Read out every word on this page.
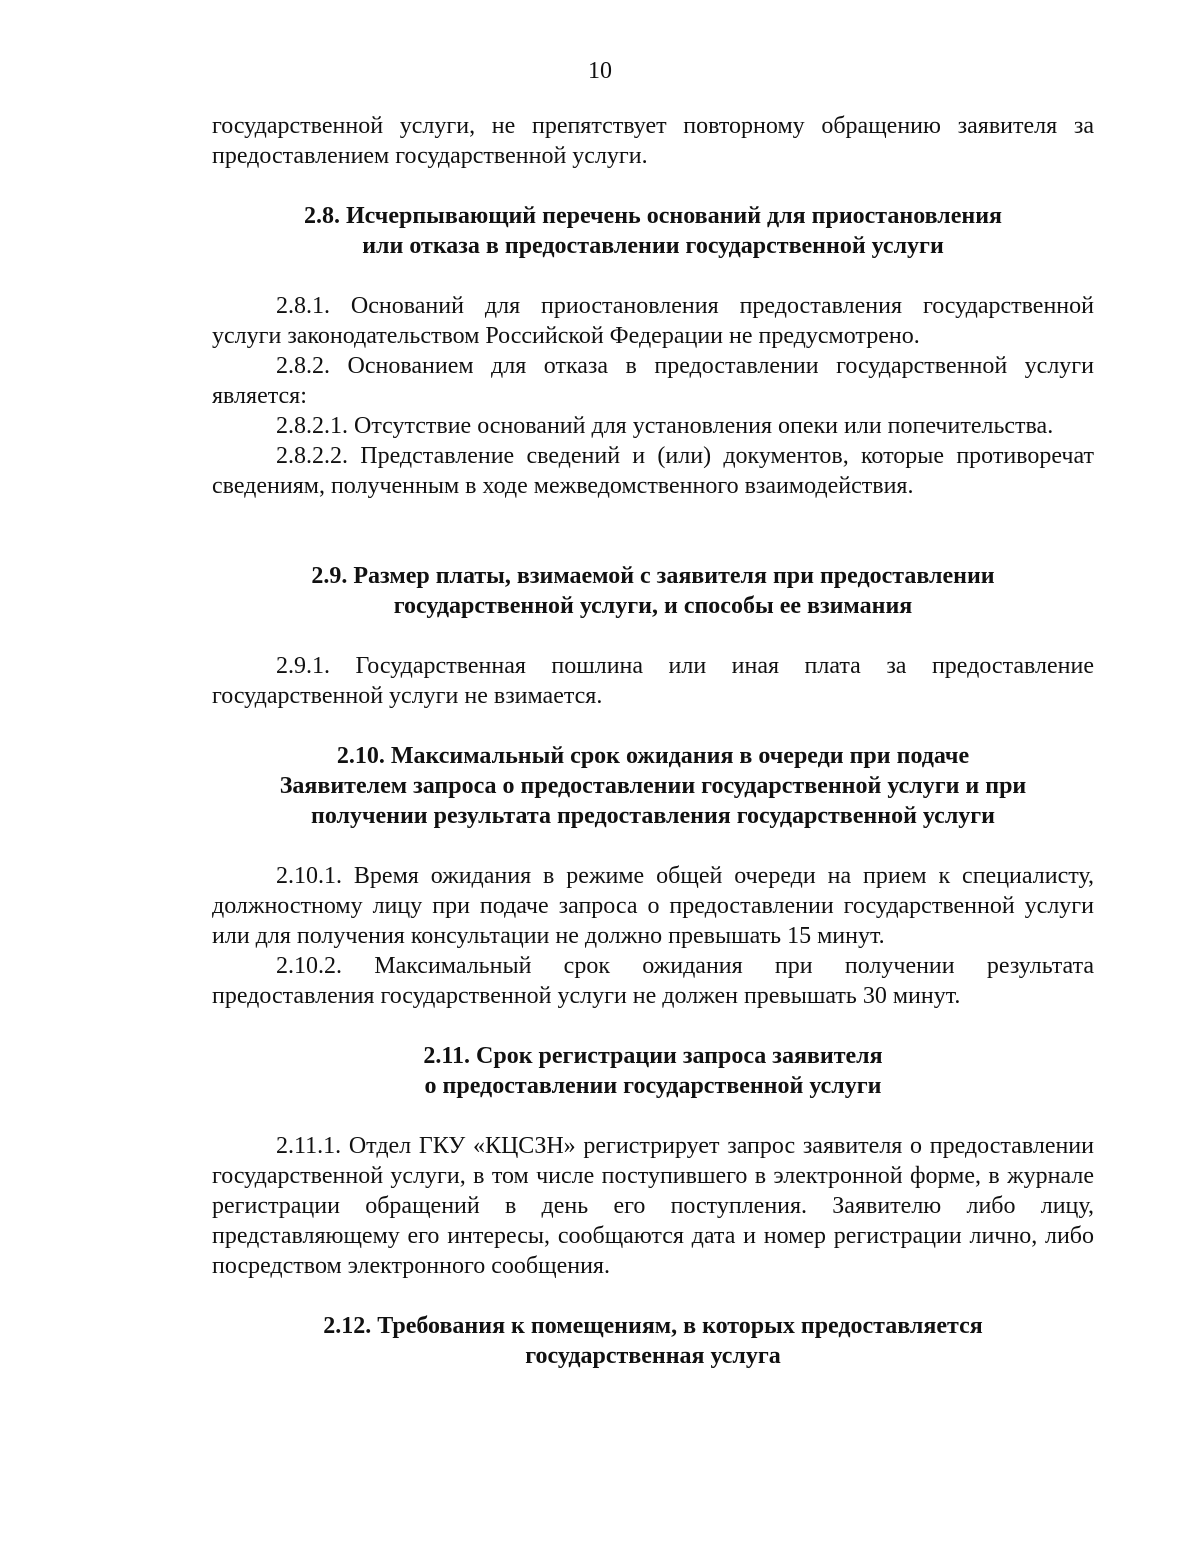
10

государственной услуги, не препятствует повторному обращению заявителя за предоставлением государственной услуги.

2.8. Исчерпывающий перечень оснований для приостановления
или отказа в предоставлении государственной услуги

2.8.1. Оснований для приостановления предоставления государственной услуги законодательством Российской Федерации не предусмотрено.

2.8.2. Основанием для отказа в предоставлении государственной услуги является:

2.8.2.1. Отсутствие оснований для установления опеки или попечительства.

2.8.2.2. Представление сведений и (или) документов, которые противоречат сведениям, полученным в ходе межведомственного взаимодействия.

2.9. Размер платы, взимаемой с заявителя при предоставлении
государственной услуги, и способы ее взимания

2.9.1. Государственная пошлина или иная плата за предоставление государственной услуги не взимается.

2.10. Максимальный срок ожидания в очереди при подаче
Заявителем запроса о предоставлении государственной услуги и при
получении результата предоставления государственной услуги

2.10.1. Время ожидания в режиме общей очереди на прием к специалисту, должностному лицу при подаче запроса о предоставлении государственной услуги или для получения консультации не должно превышать 15 минут.

2.10.2. Максимальный срок ожидания при получении результата предоставления государственной услуги не должен превышать 30 минут.

2.11. Срок регистрации запроса заявителя
о предоставлении государственной услуги

2.11.1. Отдел ГКУ «КЦСЗН» регистрирует запрос заявителя о предоставлении государственной услуги, в том числе поступившего в электронной форме, в журнале регистрации обращений в день его поступления. Заявителю либо лицу, представляющему его интересы, сообщаются дата и номер регистрации лично, либо посредством электронного сообщения.

2.12. Требования к помещениям, в которых предоставляется
государственная услуга
